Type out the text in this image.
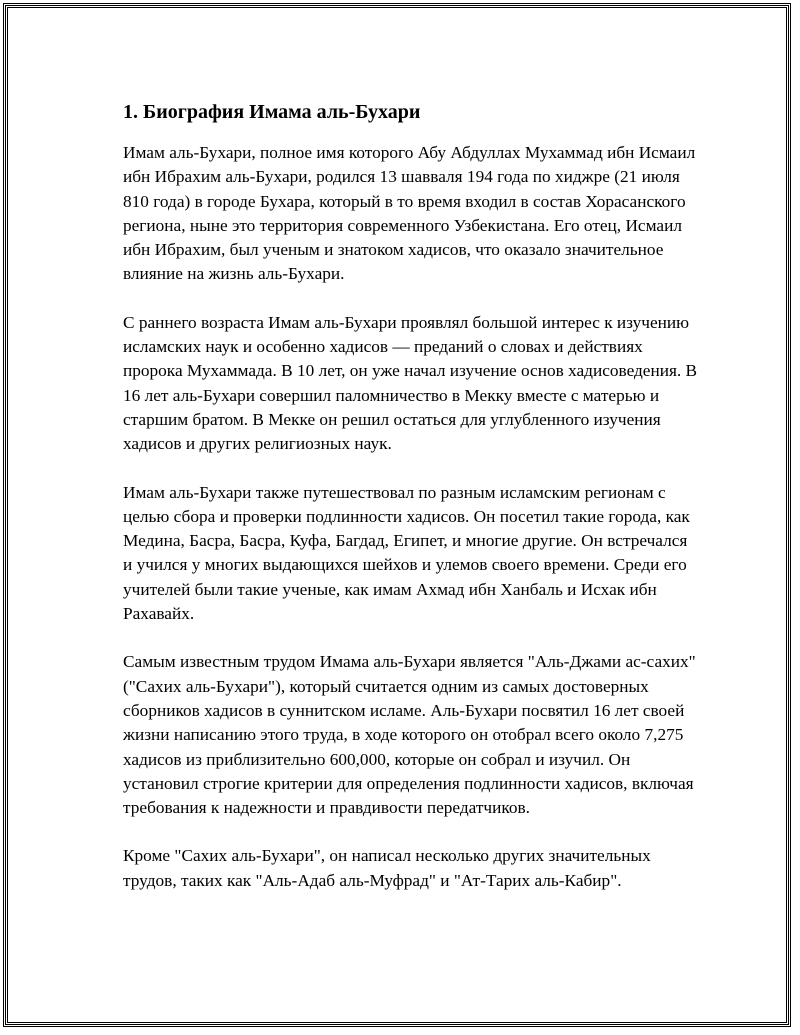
1. Биография Имама аль-Бухари

Имам аль-Бухари, полное имя которого Абу Абдуллах Мухаммад ибн Исмаил ибн Ибрахим аль-Бухари, родился 13 шавваля 194 года по хиджре (21 июля 810 года) в городе Бухара, который в то время входил в состав Хорасанского региона, ныне это территория современного Узбекистана. Его отец, Исмаил ибн Ибрахим, был ученым и знатоком хадисов, что оказало значительное влияние на жизнь аль-Бухари.

С раннего возраста Имам аль-Бухари проявлял большой интерес к изучению исламских наук и особенно хадисов — преданий о словах и действиях пророка Мухаммада. В 10 лет, он уже начал изучение основ хадисоведения. В 16 лет аль-Бухари совершил паломничество в Мекку вместе с матерью и старшим братом. В Мекке он решил остаться для углубленного изучения хадисов и других религиозных наук.

Имам аль-Бухари также путешествовал по разным исламским регионам с целью сбора и проверки подлинности хадисов. Он посетил такие города, как Медина, Басра, Басра, Куфа, Багдад, Египет, и многие другие. Он встречался и учился у многих выдающихся шейхов и улемов своего времени. Среди его учителей были такие ученые, как имам Ахмад ибн Ханбаль и Исхак ибн Рахавайх.

Самым известным трудом Имама аль-Бухари является "Аль-Джами ас-сахих" ("Сахих аль-Бухари"), который считается одним из самых достоверных сборников хадисов в суннитском исламе. Аль-Бухари посвятил 16 лет своей жизни написанию этого труда, в ходе которого он отобрал всего около 7,275 хадисов из приблизительно 600,000, которые он собрал и изучил. Он установил строгие критерии для определения подлинности хадисов, включая требования к надежности и правдивости передатчиков.

Кроме "Сахих аль-Бухари", он написал несколько других значительных трудов, таких как "Аль-Адаб аль-Муфрад" и "Ат-Тарих аль-Кабир".
